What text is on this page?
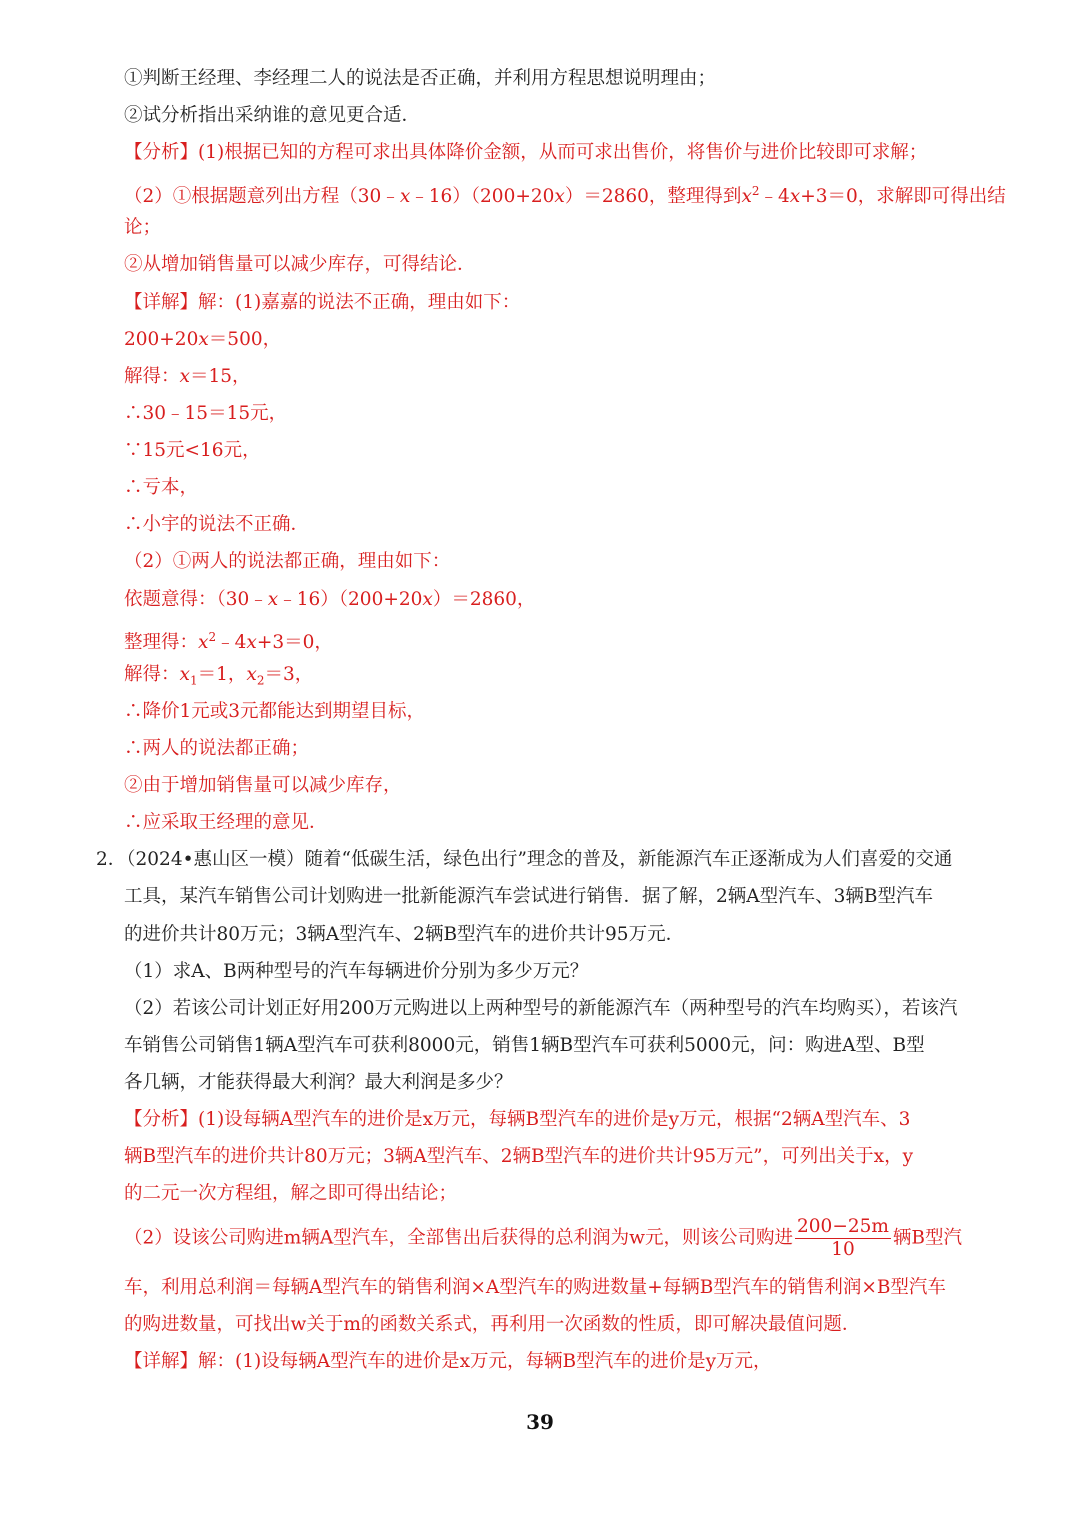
①判断王经理、李经理二人的说法是否正确，并利用方程思想说明理由；
②试分析指出采纳谁的意见更合适．
【分析】(1)根据已知的方程可求出具体降价金额，从而可求出售价，将售价与进价比较即可求解；
（2）①根据题意列出方程（30﹣x﹣16）（200+20x）＝2860，整理得到$x^2﹣4x+3=0$，求解即可得出结
论；
②从增加销售量可以减少库存，可得结论．
【详解】解：(1)嘉嘉的说法不正确，理由如下：
200+20x＝500，
解得：x＝15，
∴30﹣15＝15元，
∵15元<16元，
∴亏本，
∴小宇的说法不正确．
（2）①两人的说法都正确，理由如下：
依题意得：（30﹣x﹣16）（200+20x）＝2860，
整理得：$x^2﹣4x+3=0$，
解得：$x_1=1$，$x_2=3$，
∴降价1元或3元都能达到期望目标，
∴两人的说法都正确；
②由于增加销售量可以减少库存，
∴应采取王经理的意见．
2．（2024•惠山区一模）随着“低碳生活，绿色出行”理念的普及，新能源汽车正逐渐成为人们喜爱的交通
工具，某汽车销售公司计划购进一批新能源汽车尝试进行销售．据了解，2辆A型汽车、3辆B型汽车
的进价共计80万元；3辆A型汽车、2辆B型汽车的进价共计95万元．
（1）求A、B两种型号的汽车每辆进价分别为多少万元？
（2）若该公司计划正好用200万元购进以上两种型号的新能源汽车（两种型号的汽车均购买），若该汽
车销售公司销售1辆A型汽车可获利8000元，销售1辆B型汽车可获利5000元，问：购进A型、B型
各几辆，才能获得最大利润？最大利润是多少？
【分析】(1)设每辆A型汽车的进价是x万元，每辆B型汽车的进价是y万元，根据“2辆A型汽车、3
辆B型汽车的进价共计80万元；3辆A型汽车、2辆B型汽车的进价共计95万元”，可列出关于x，y
的二元一次方程组，解之即可得出结论；
（2）设该公司购进m辆A型汽车，全部售出后获得的总利润为w元，则该公司购进 $\frac{200-25m}{10}$ 辆B型汽
车，利用总利润＝每辆A型汽车的销售利润×A型汽车的购进数量+每辆B型汽车的销售利润×B型汽车
的购进数量，可找出w关于m的函数关系式，再利用一次函数的性质，即可解决最值问题．
【详解】解：(1)设每辆A型汽车的进价是x万元，每辆B型汽车的进价是y万元，
39
